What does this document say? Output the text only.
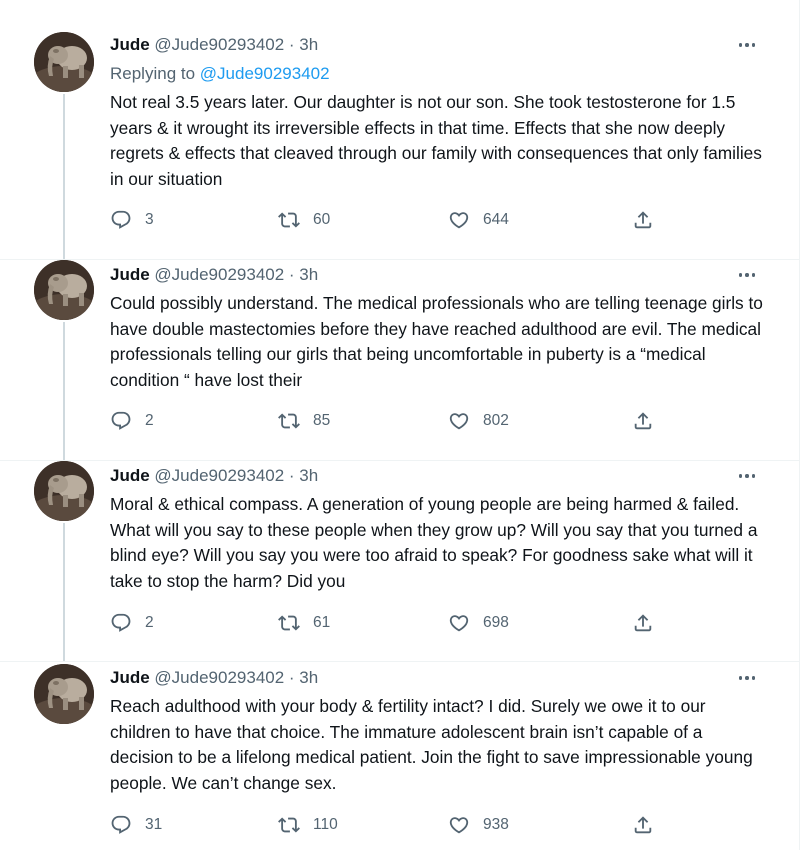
Jude @Jude90293402 · 3h
Replying to @Jude90293402
Not real 3.5 years later. Our daughter is not our son. She took testosterone for 1.5 years & it wrought its irreversible effects in that time. Effects that she now deeply regrets & effects that cleaved through our family with consequences that only families in our situation
3	60	644
Jude @Jude90293402 · 3h
Could possibly understand. The medical professionals who are telling teenage girls to have double mastectomies before they have reached adulthood are evil. The medical professionals telling our girls that being uncomfortable in puberty is a “medical condition “ have lost their
2	85	802
Jude @Jude90293402 · 3h
Moral & ethical compass. A generation of young people are being harmed & failed. What will you say to these people when they grow up? Will you say that you turned a blind eye? Will you say you were too afraid to speak? For goodness sake what will it take to stop the harm? Did you
2	61	698
Jude @Jude90293402 · 3h
Reach adulthood with your body & fertility intact? I did. Surely we owe it to our children to have that choice. The immature adolescent brain isn’t capable of a decision to be a lifelong medical patient. Join the fight to save impressionable young people. We can’t change sex.
31	110	938
